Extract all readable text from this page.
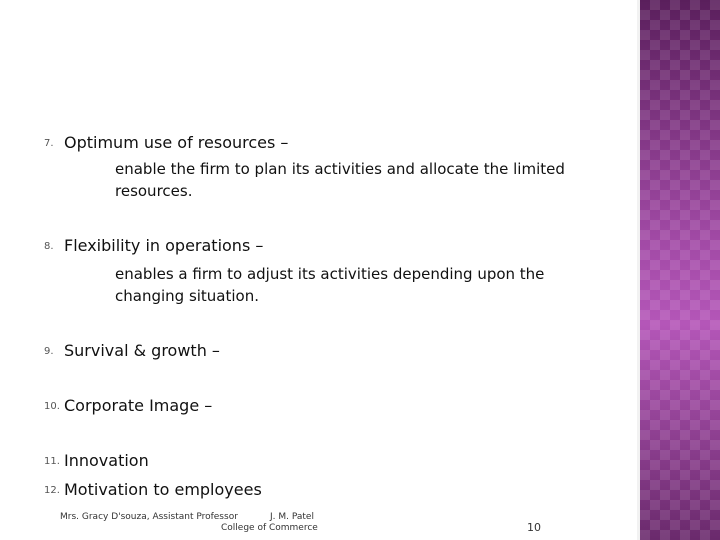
7. Optimum use of resources –
enable the firm to plan its activities and allocate the limited resources.
8. Flexibility in operations –
enables a firm to adjust its activities depending upon the changing situation.
9. Survival & growth –
10. Corporate Image –
11. Innovation
12. Motivation to employees
Mrs. Gracy D'souza, Assistant Professor	J. M. Patel
College of Commerce	10
